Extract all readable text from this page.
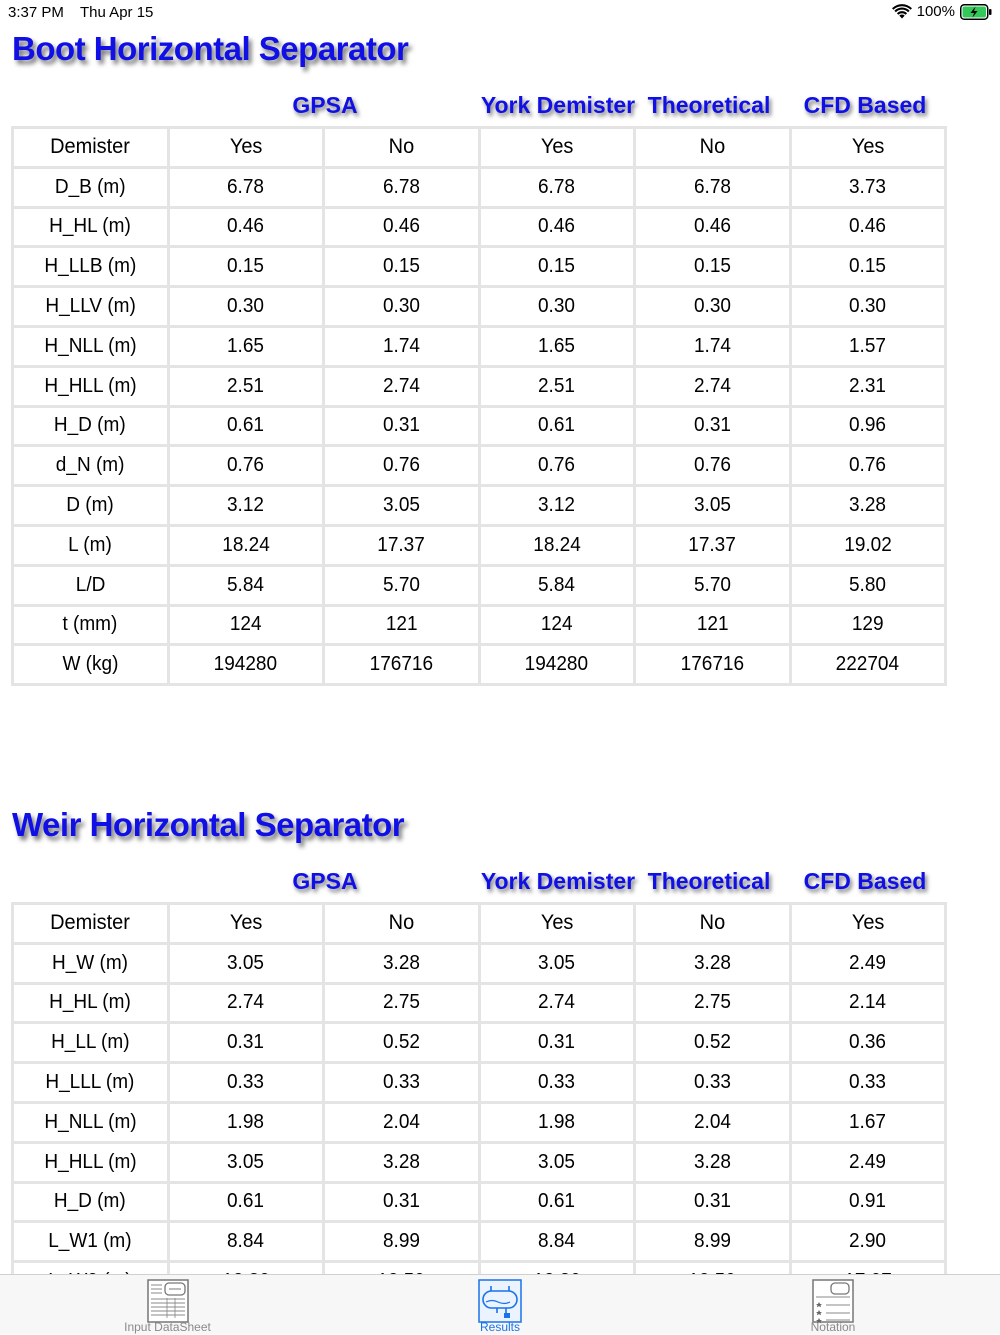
3:37 PM Thu Apr 15	100%
Boot Horizontal Separator
GPSA	York Demister Theoretical	CFD Based
Demister	Yes	No	Yes	No	Yes
D_B (m)	6.78	6.78	6.78	6.78	3.73
H_HL (m)	0.46	0.46	0.46	0.46	0.46
H_LLB (m)	0.15	0.15	0.15	0.15	0.15
H_LLV (m)	0.30	0.30	0.30	0.30	0.30
H_NLL (m)	1.65	1.74	1.65	1.74	1.57
H_HLL (m)	2.51	2.74	2.51	2.74	2.31
H_D (m)	0.61	0.31	0.61	0.31	0.96
d_N (m)	0.76	0.76	0.76	0.76	0.76
D (m)	3.12	3.05	3.12	3.05	3.28
L (m)	18.24	17.37	18.24	17.37	19.02
L/D	5.84	5.70	5.84	5.70	5.80
t (mm)	124	121	124	121	129
W (kg)	194280	176716	194280	176716	222704
Weir Horizontal Separator
GPSA	York Demister Theoretical	CFD Based
Demister	Yes	No	Yes	No	Yes
H_W (m)	3.05	3.28	3.05	3.28	2.49
H_HL (m)	2.74	2.75	2.74	2.75	2.14
H_LL (m)	0.31	0.52	0.31	0.52	0.36
H_LLL (m)	0.33	0.33	0.33	0.33	0.33
H_NLL (m)	1.98	2.04	1.98	2.04	1.67
H_HLL (m)	3.05	3.28	3.05	3.28	2.49
H_D (m)	0.61	0.31	0.61	0.31	0.91
L_W1 (m)	8.84	8.99	8.84	8.99	2.90

Input DataSheet	Results	Notation
